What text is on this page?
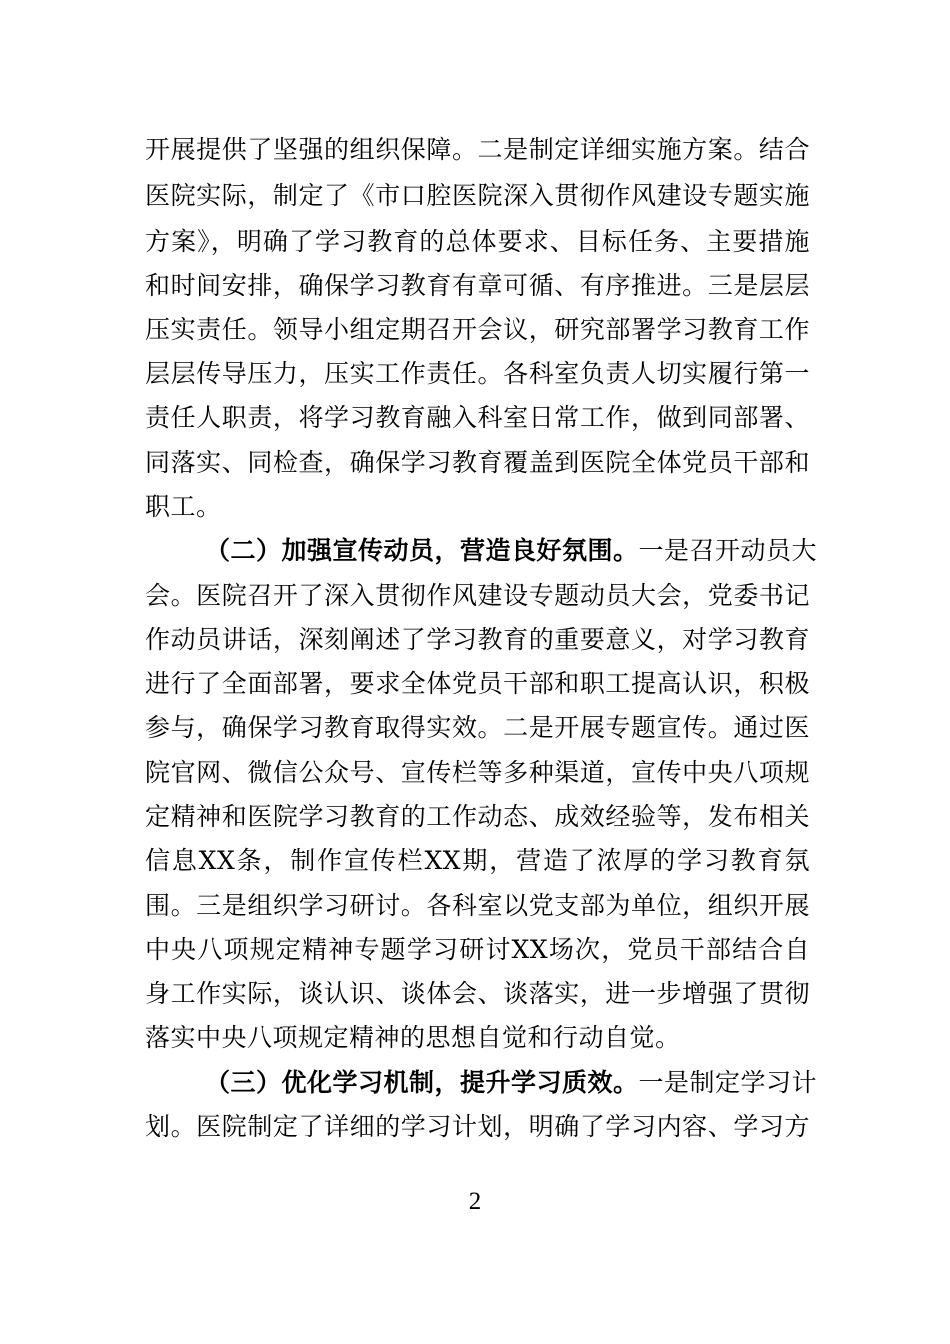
开展提供了坚强的组织保障。二是制定详细实施方案。结合
医院实际，制定了《市口腔医院深入贯彻作风建设专题实施
方案》，明确了学习教育的总体要求、目标任务、主要措施
和时间安排，确保学习教育有章可循、有序推进。三是层层
压实责任。领导小组定期召开会议，研究部署学习教育工作
层层传导压力，压实工作责任。各科室负责人切实履行第一
责任人职责，将学习教育融入科室日常工作，做到同部署、
同落实、同检查，确保学习教育覆盖到医院全体党员干部和
职工。
（二）加强宣传动员，营造良好氛围。一是召开动员大
会。医院召开了深入贯彻作风建设专题动员大会，党委书记
作动员讲话，深刻阐述了学习教育的重要意义，对学习教育
进行了全面部署，要求全体党员干部和职工提高认识，积极
参与，确保学习教育取得实效。二是开展专题宣传。通过医
院官网、微信公众号、宣传栏等多种渠道，宣传中央八项规
定精神和医院学习教育的工作动态、成效经验等，发布相关
信息XX条，制作宣传栏XX期，营造了浓厚的学习教育氛
围。三是组织学习研讨。各科室以党支部为单位，组织开展
中央八项规定精神专题学习研讨XX场次，党员干部结合自
身工作实际，谈认识、谈体会、谈落实，进一步增强了贯彻
落实中央八项规定精神的思想自觉和行动自觉。
（三）优化学习机制，提升学习质效。一是制定学习计
划。医院制定了详细的学习计划，明确了学习内容、学习方
2
